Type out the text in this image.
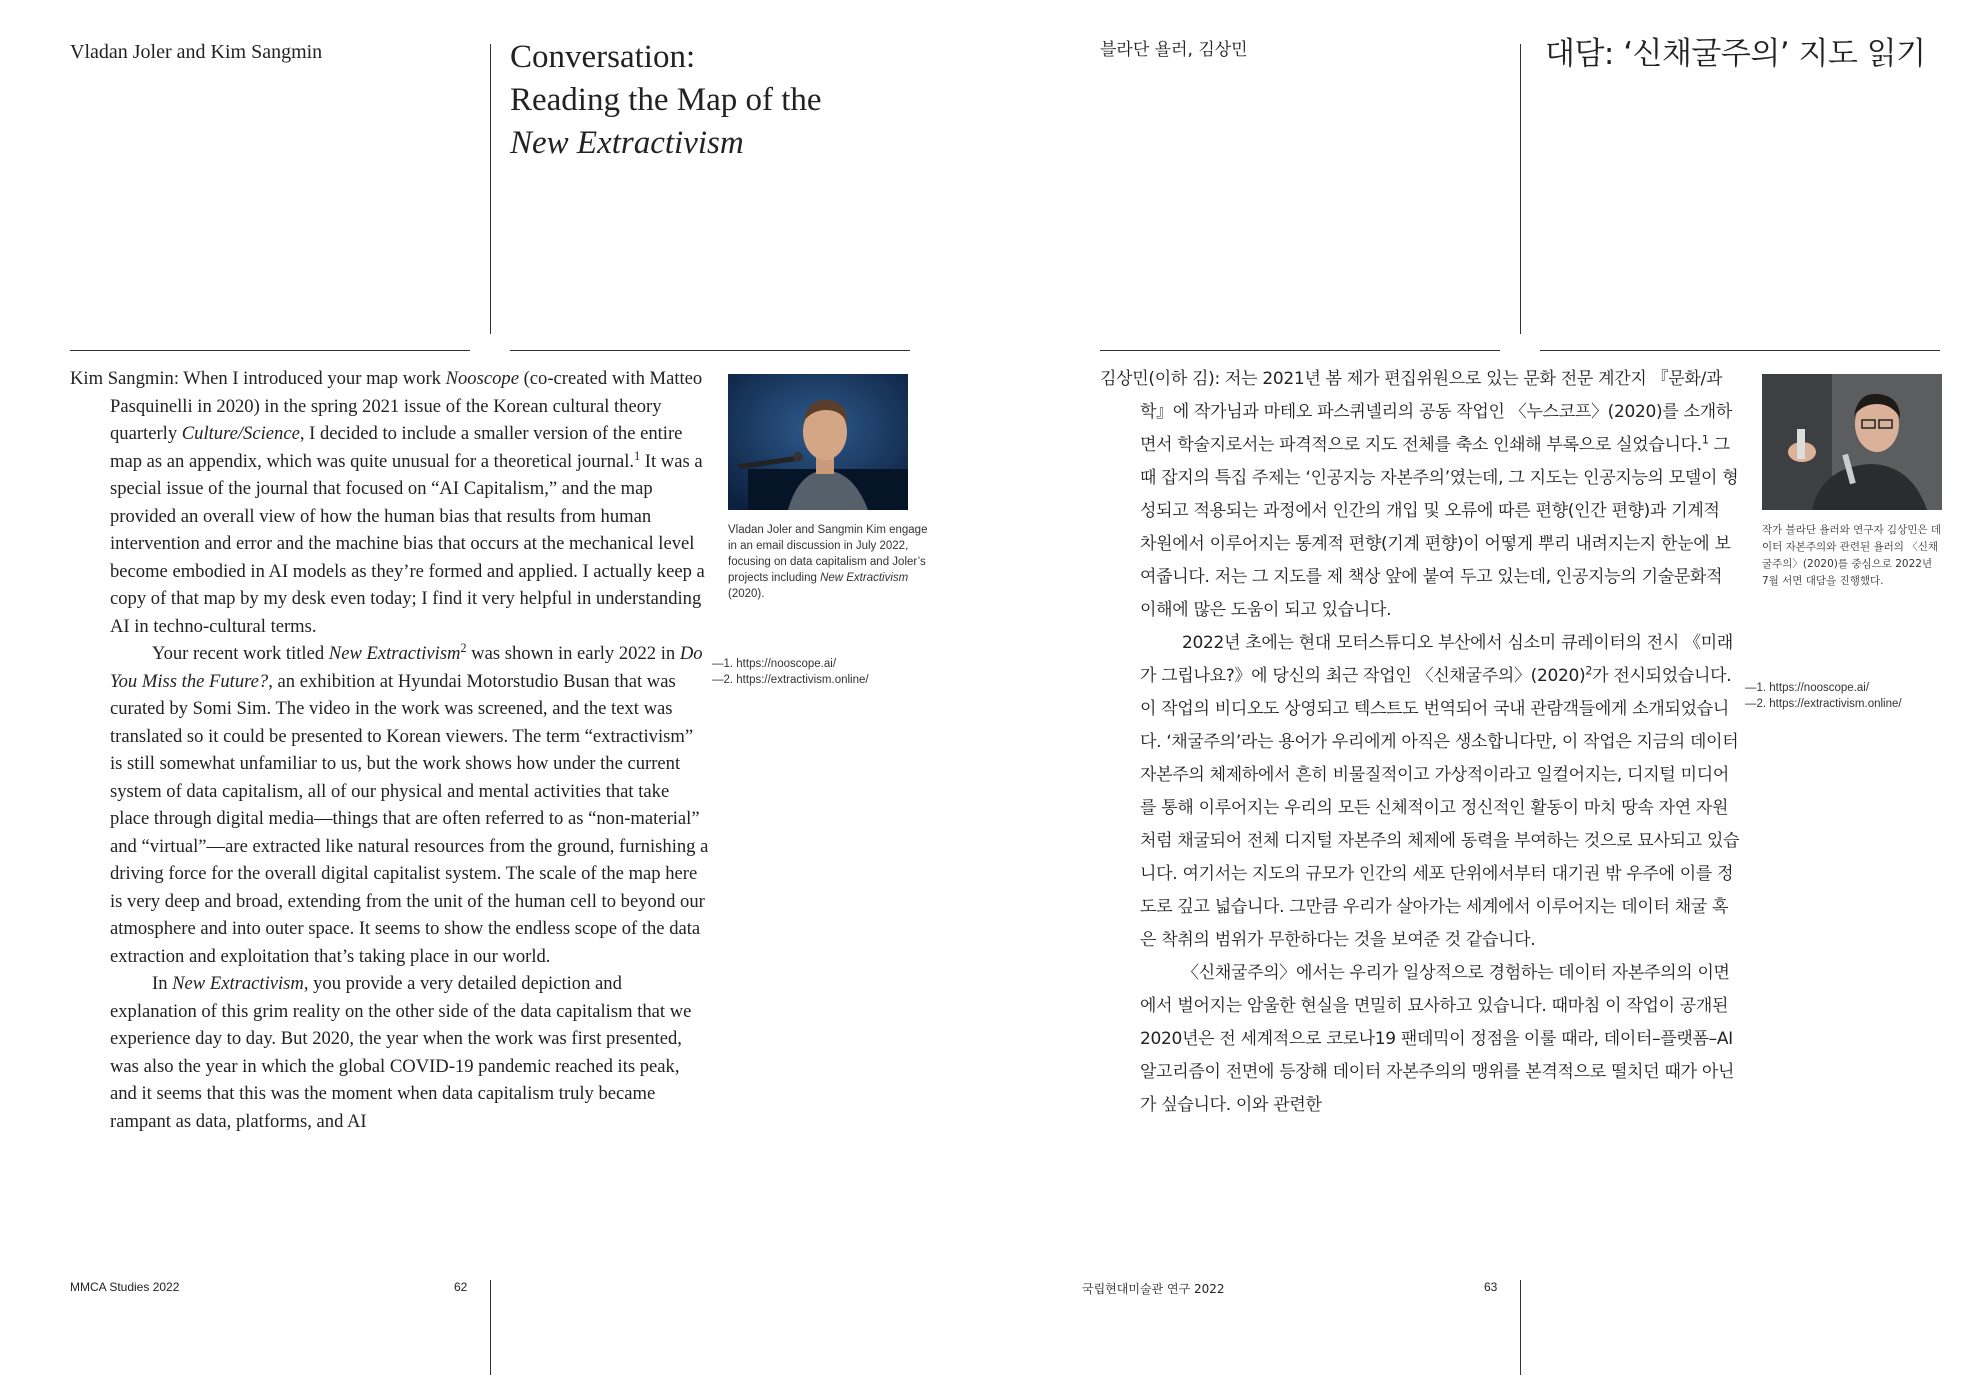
Vladan Joler and Kim Sangmin	Conversation:
Reading the Map of the
New Extractivism

Kim Sangmin: When I introduced your map work Nooscope (co-created with Matteo Pasquinelli in 2020) in the spring 2021 issue of the Korean cultural theory quarterly Culture/Science, I decided to include a smaller version of the entire map as an appendix, which was quite unusual for a theoretical journal.$^1$ It was a special issue of the journal that focused on “AI Capitalism,” and the map provided an overall view of how the human bias that results from human intervention and error and the machine bias that occurs at the mechanical level become embodied in AI models as they’re formed and applied. I actually keep a copy of that map by my desk even today; I find it very helpful in understanding AI in techno-cultural terms.

Your recent work titled New Extractivism$^2$ was shown in early 2022 in Do You Miss the Future?, an exhibition at Hyundai Motorstudio Busan that was curated by Somi Sim. The video in the work was screened, and the text was translated so it could be presented to Korean viewers. The term “extractivism” is still somewhat unfamiliar to us, but the work shows how under the current system of data capitalism, all of our physical and mental activities that take place through digital media—things that are often referred to as “non-material” and “virtual”—are extracted like natural resources from the ground, furnishing a driving force for the overall digital capitalist system. The scale of the map here is very deep and broad, extending from the unit of the human cell to beyond our atmosphere and into outer space. It seems to show the endless scope of the data extraction and exploitation that’s taking place in our world.

In New Extractivism, you provide a very detailed depiction and explanation of this grim reality on the other side of the data capitalism that we experience day to day. But 2020, the year when the work was first presented, was also the year in which the global COVID-19 pandemic reached its peak, and it seems that this was the moment when data capitalism truly became rampant as data, platforms, and AI

Vladan Joler and Sangmin Kim engage in an email discussion in July 2022, focusing on data capitalism and Joler’s projects including New Extractivism (2020).
—1. https://nooscope.ai/
—2. https://extractivism.online/
MMCA Studies 2022	62
블라단 욜러, 김상민	대담: ‘신채굴주의’ 지도 읽기

김상민(이하 김): 저는 2021년 봄 제가 편집위원으로 있는 문화 전문 계간지 『문화/과학』에 작가님과 마테오 파스퀴넬리의 공동 작업인 〈누스코프〉(2020)를 소개하면서 학술지로서는 파격적으로 지도 전체를 축소 인쇄해 부록으로 실었습니다.$^1$ 그때 잡지의 특집 주제는 ‘인공지능 자본주의’였는데, 그 지도는 인공지능의 모델이 형성되고 적용되는 과정에서 인간의 개입 및 오류에 따른 편향(인간 편향)과 기계적 차원에서 이루어지는 통계적 편향(기계 편향)이 어떻게 뿌리 내려지는지 한눈에 보여줍니다. 저는 그 지도를 제 책상 앞에 붙여 두고 있는데, 인공지능의 기술문화적 이해에 많은 도움이 되고 있습니다.

2022년 초에는 현대 모터스튜디오 부산에서 심소미 큐레이터의 전시 《미래가 그립나요?》에 당신의 최근 작업인 〈신채굴주의〉$(2020)^2$가 전시되었습니다. 이 작업의 비디오도 상영되고 텍스트도 번역되어 국내 관람객들에게 소개되었습니다. ‘채굴주의’라는 용어가 우리에게 아직은 생소합니다만, 이 작업은 지금의 데이터 자본주의 체제하에서 흔히 비물질적이고 가상적이라고 일컬어지는, 디지털 미디어를 통해 이루어지는 우리의 모든 신체적이고 정신적인 활동이 마치 땅속 자연 자원처럼 채굴되어 전체 디지털 자본주의 체제에 동력을 부여하는 것으로 묘사되고 있습니다. 여기서는 지도의 규모가 인간의 세포 단위에서부터 대기권 밖 우주에 이를 정도로 깊고 넓습니다. 그만큼 우리가 살아가는 세계에서 이루어지는 데이터 채굴 혹은 착취의 범위가 무한하다는 것을 보여준 것 같습니다.

〈신채굴주의〉에서는 우리가 일상적으로 경험하는 데이터 자본주의의 이면에서 벌어지는 암울한 현실을 면밀히 묘사하고 있습니다. 때마침 이 작업이 공개된 2020년은 전 세계적으로 코로나19 팬데믹이 정점을 이룰 때라, 데이터–플랫폼–AI 알고리즘이 전면에 등장해 데이터 자본주의의 맹위를 본격적으로 떨치던 때가 아닌가 싶습니다. 이와 관련한

작가 블라단 욜러와 연구자 김상민은 데이터 자본주의와 관련된 욜러의 〈신채굴주의〉(2020)를 중심으로 2022년 7월 서면 대담을 진행했다.
—1. https://nooscope.ai/
—2. https://extractivism.online/
국립현대미술관 연구 2022	63
